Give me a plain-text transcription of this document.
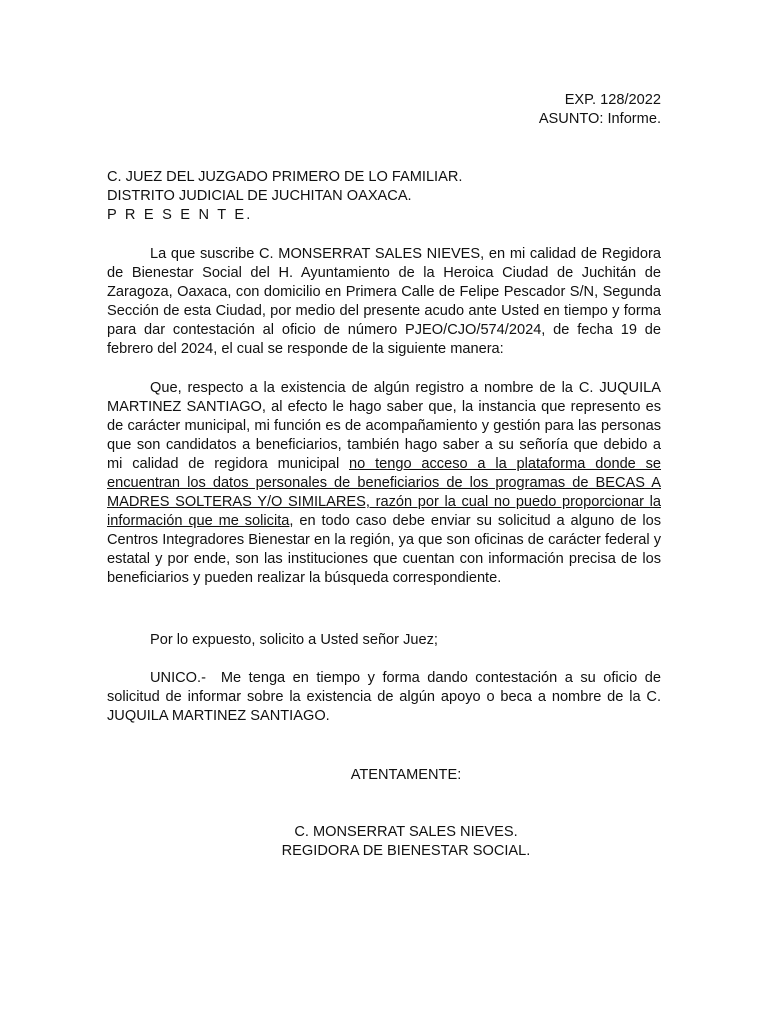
EXP. 128/2022
ASUNTO: Informe.
C. JUEZ DEL JUZGADO PRIMERO DE LO FAMILIAR.
DISTRITO JUDICIAL DE JUCHITAN OAXACA.
P R E S E N T E.

La que suscribe C. MONSERRAT SALES NIEVES, en mi calidad de Regidora de Bienestar Social del H. Ayuntamiento de la Heroica Ciudad de Juchitán de Zaragoza, Oaxaca, con domicilio en Primera Calle de Felipe Pescador S/N, Segunda Sección de esta Ciudad, por medio del presente acudo ante Usted en tiempo y forma para dar contestación al oficio de número PJEO/CJO/574/2024, de fecha 19 de febrero del 2024, el cual se responde de la siguiente manera:

Que, respecto a la existencia de algún registro a nombre de la C. JUQUILA MARTINEZ SANTIAGO, al efecto le hago saber que, la instancia que represento es de carácter municipal, mi función es de acompañamiento y gestión para las personas que son candidatos a beneficiarios, también hago saber a su señoría que debido a mi calidad de regidora municipal no tengo acceso a la plataforma donde se encuentran los datos personales de beneficiarios de los programas de BECAS A MADRES SOLTERAS Y/O SIMILARES, razón por la cual no puedo proporcionar la información que me solicita, en todo caso debe enviar su solicitud a alguno de los Centros Integradores Bienestar en la región, ya que son oficinas de carácter federal y estatal y por ende, son las instituciones que cuentan con información precisa de los beneficiarios y pueden realizar la búsqueda correspondiente.

Por lo expuesto, solicito a Usted señor Juez;

UNICO.-  Me tenga en tiempo y forma dando contestación a su oficio de solicitud de informar sobre la existencia de algún apoyo o beca a nombre de la C. JUQUILA MARTINEZ SANTIAGO.

ATENTAMENTE:
C. MONSERRAT SALES NIEVES.
REGIDORA DE BIENESTAR SOCIAL.
